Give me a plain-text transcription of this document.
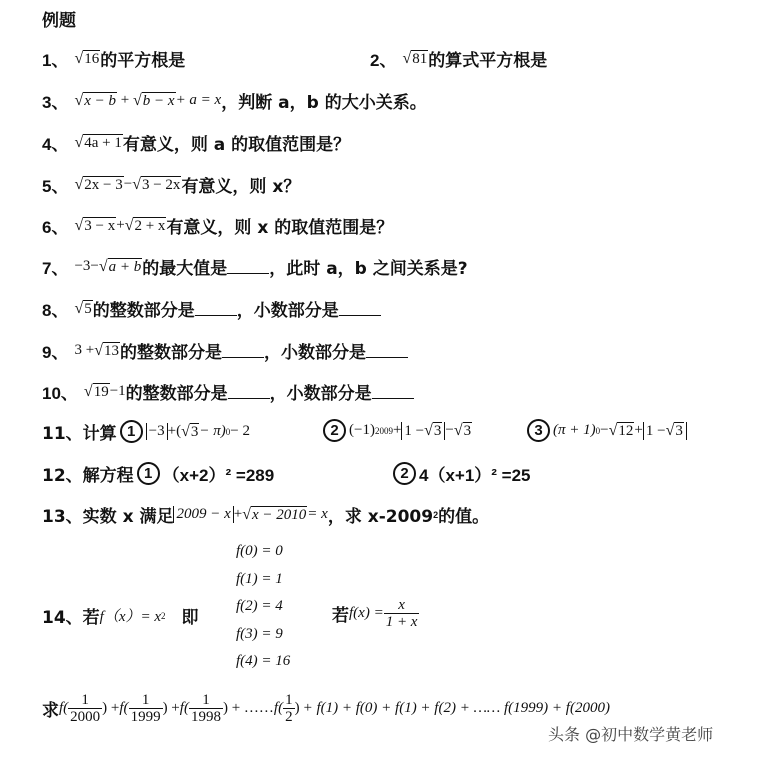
例题
1、 √ 16 的平方根是	2、 √ 81 的算式平方根是
3、 √ x − b + √ b − x + a = x ，判断 a，b 的大小关系。
4、 √ 4a + 1 有意义，则 a 的取值范围是？
5、 √ 2x − 3 − √ 3 − 2x 有意义，则 x？
6、 √ 3 − x + √ 2 + x 有意义，则 x 的取值范围是？
7、 −3− √ a + b 的最大值是 ，此时 a，b 之间关系是?
8、 √ 5 的整数部分是 ，小数部分是
9、 3 + √ 13 的整数部分是 ，小数部分是
10、 √ 19 −1 的整数部分是 ，小数部分是
11、 计算 1 −3 +( √ 3 − π) 0 − 2	2 (−1) 2009 + 1 − √ 3 − √ 3	3 (π + 1) 0 − √ 12 + 1 − √ 3
12、 解方程 1 （x+2）² =289	2 4（x+1）² =25
13、 实数 x 满足 2009 − x + √ x − 2010 = x ，求 x-2009 2 的值。
14、 若 f（x）= x 2 即
f(0) = 0
f(1) = 1
f(2) = 4
f(3) = 9
f(4) = 16
若 $f(x) = \frac{x}{1 + x}$
求 $f( \frac{1}{2000}$ ) + $f( \frac{1}{1999}$ ) + $f( \frac{1}{1998}$ ) + …… $f( \frac{1}{2}$ ) + f(1) + f(0) + f(1) + f(2) + …… f(1999) + f(2000)
头条 @初中数学黄老师
